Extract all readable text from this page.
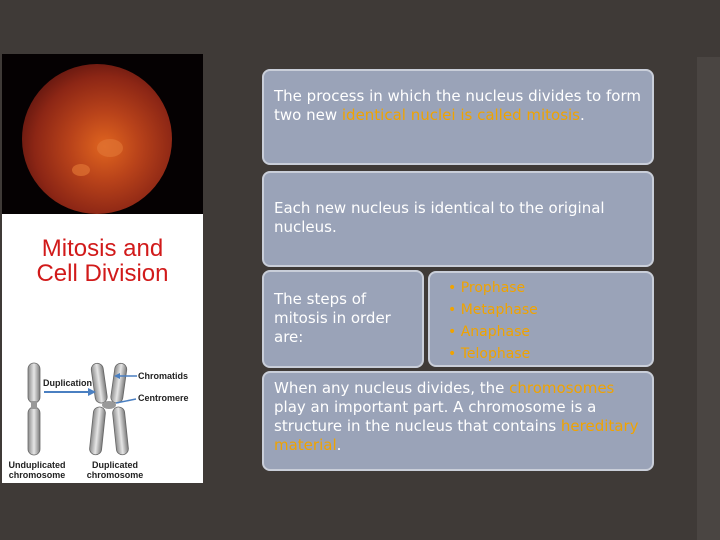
Mitosis and
Cell Division
Duplication
Chromatids
Centromere
Unduplicated
chromosome
Duplicated
chromosome
The process in which the nucleus divides to form two new identical nuclei is called mitosis.
Each new nucleus is identical to the original nucleus.
The steps of mitosis in order are:
• Prophase
• Metaphase
• Anaphase
• Telophase
When any nucleus divides, the chromosomes play an important part. A chromosome is a structure in the nucleus that contains hereditary material.
